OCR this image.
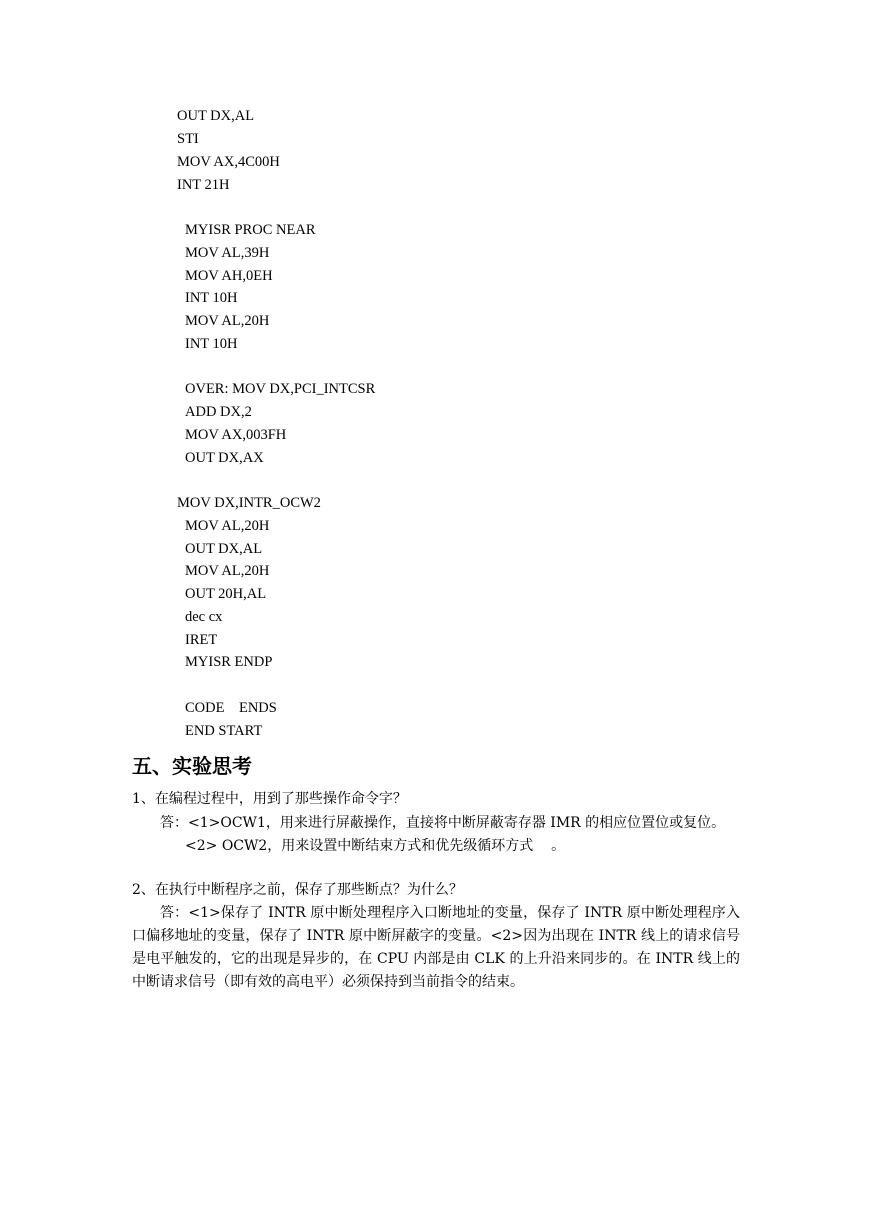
OUT DX,AL
STI
MOV AX,4C00H
INT 21H
MYISR PROC NEAR
MOV AL,39H
MOV AH,0EH
INT 10H
MOV AL,20H
INT 10H
OVER: MOV DX,PCI_INTCSR
ADD DX,2
MOV AX,003FH
OUT DX,AX
MOV DX,INTR_OCW2
MOV AL,20H
OUT DX,AL
MOV AL,20H
OUT 20H,AL
dec cx
IRET
MYISR ENDP
CODE    ENDS
END START
五、实验思考
1、在编程过程中，用到了那些操作命令字？
答：<1>OCW1，用来进行屏蔽操作，直接将中断屏蔽寄存器 IMR 的相应位置位或复位。
<2> OCW2，用来设置中断结束方式和优先级循环方式    。
2、在执行中断程序之前，保存了那些断点？为什么？
答：<1>保存了 INTR 原中断处理程序入口断地址的变量，保存了 INTR 原中断处理程序入口偏移地址的变量，保存了 INTR 原中断屏蔽字的变量。<2>因为出现在 INTR 线上的请求信号是电平触发的，它的出现是异步的，在 CPU 内部是由 CLK 的上升沿来同步的。在 INTR 线上的中断请求信号（即有效的高电平）必须保持到当前指令的结束。
